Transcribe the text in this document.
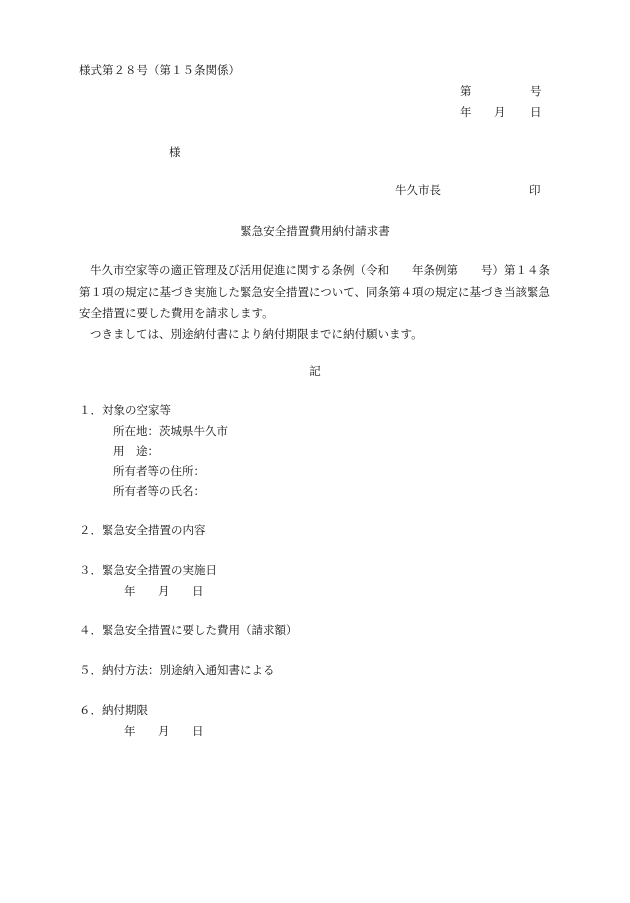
様式第２８号（第１５条関係）
第	号
年 月 日
様
牛久市長	印
緊急安全措置費用納付請求書

牛久市空家等の適正管理及び活用促進に関する条例（令和　　年条例第　　号）第１４条第１項の規定に基づき実施した緊急安全措置について、同条第４項の規定に基づき当該緊急安全措置に要した費用を請求します。

つきましては、別途納付書により納付期限までに納付願います。

記
１．対象の空家等
所在地：茨城県牛久市
用　途：
所有者等の住所：
所有者等の氏名：
２．緊急安全措置の内容
３．緊急安全措置の実施日
年 月 日
４．緊急安全措置に要した費用（請求額）
５．納付方法：別途納入通知書による
６．納付期限
年 月 日
